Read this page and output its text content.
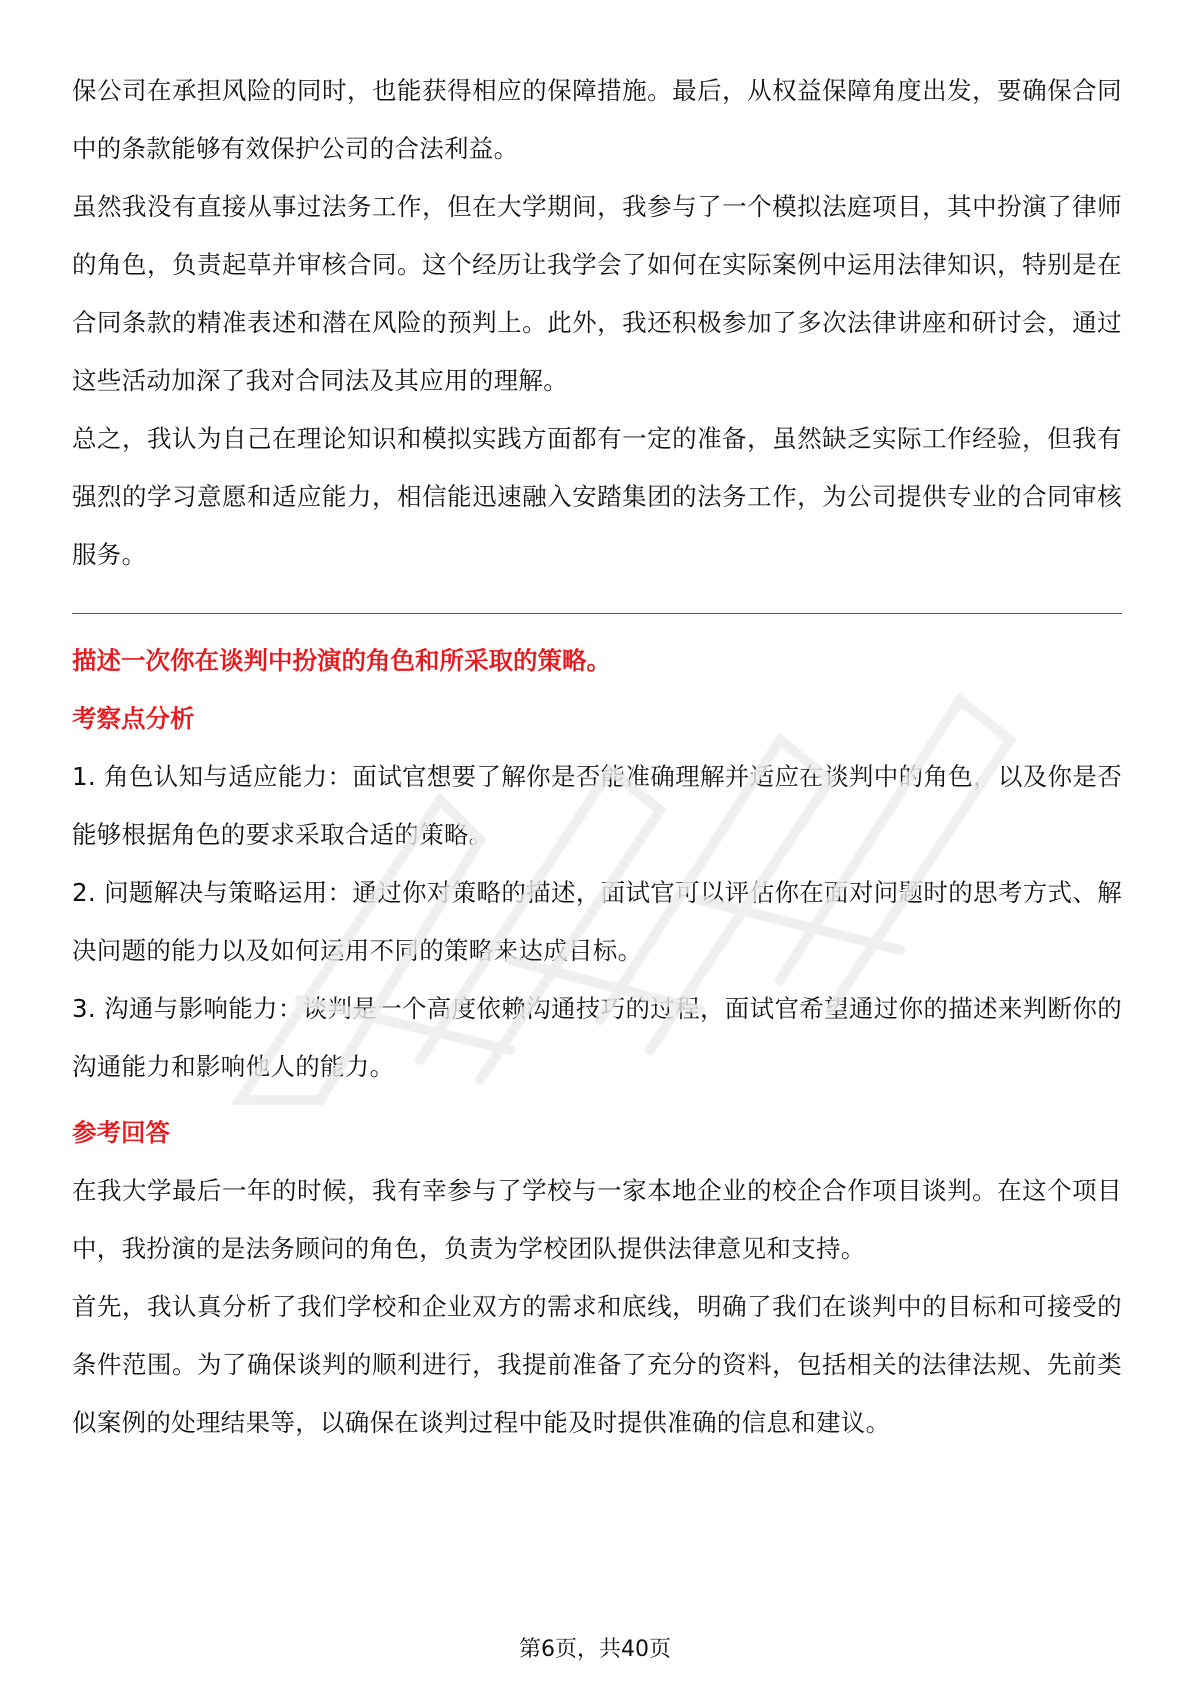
保公司在承担风险的同时，也能获得相应的保障措施。最后，从权益保障角度出发，要确保合同中的条款能够有效保护公司的合法利益。

虽然我没有直接从事过法务工作，但在大学期间，我参与了一个模拟法庭项目，其中扮演了律师的角色，负责起草并审核合同。这个经历让我学会了如何在实际案例中运用法律知识，特别是在合同条款的精准表述和潜在风险的预判上。此外，我还积极参加了多次法律讲座和研讨会，通过这些活动加深了我对合同法及其应用的理解。

总之，我认为自己在理论知识和模拟实践方面都有一定的准备，虽然缺乏实际工作经验，但我有强烈的学习意愿和适应能力，相信能迅速融入安踏集团的法务工作，为公司提供专业的合同审核服务。

描述一次你在谈判中扮演的角色和所采取的策略。

考察点分析

1. 角色认知与适应能力：面试官想要了解你是否能准确理解并适应在谈判中的角色，以及你是否能够根据角色的要求采取合适的策略。

2. 问题解决与策略运用：通过你对策略的描述，面试官可以评估你在面对问题时的思考方式、解决问题的能力以及如何运用不同的策略来达成目标。

3. 沟通与影响能力：谈判是一个高度依赖沟通技巧的过程，面试官希望通过你的描述来判断你的沟通能力和影响他人的能力。

参考回答

在我大学最后一年的时候，我有幸参与了学校与一家本地企业的校企合作项目谈判。在这个项目中，我扮演的是法务顾问的角色，负责为学校团队提供法律意见和支持。

首先，我认真分析了我们学校和企业双方的需求和底线，明确了我们在谈判中的目标和可接受的条件范围。为了确保谈判的顺利进行，我提前准备了充分的资料，包括相关的法律法规、先前类似案例的处理结果等，以确保在谈判过程中能及时提供准确的信息和建议。

第6页，共40页
